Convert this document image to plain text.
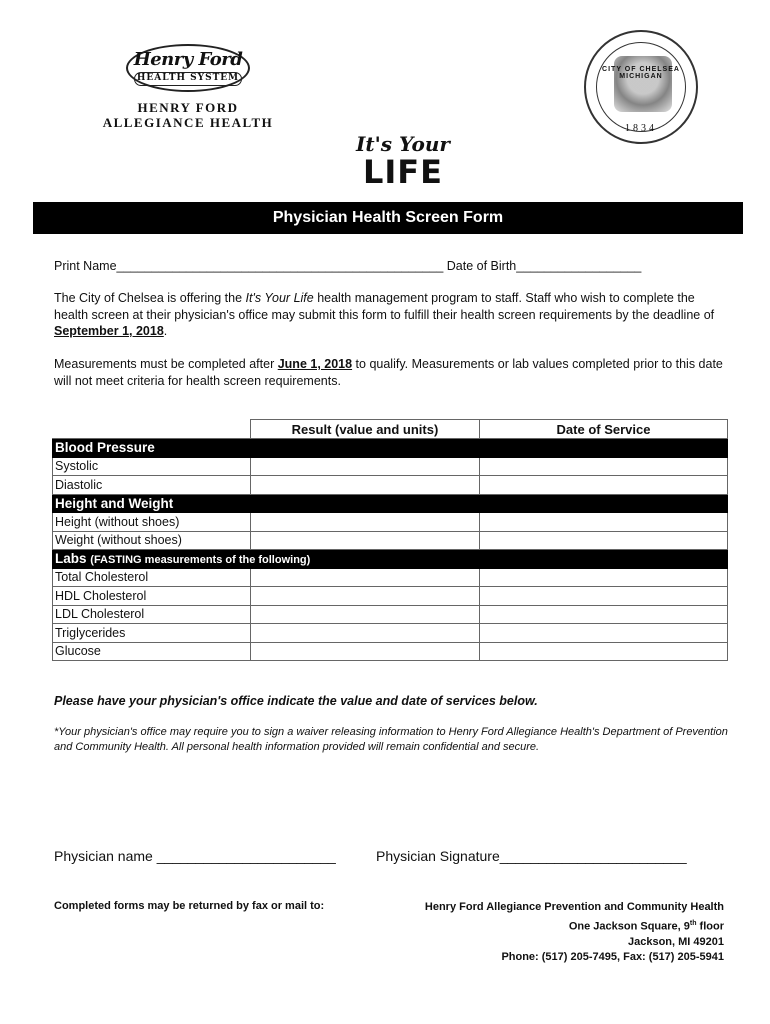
Henry Ford
HEALTH SYSTEM
HENRY FORD
ALLEGIANCE HEALTH
CITY OF CHELSEA MICHIGAN
1834
It's Your
LIFE
Physician Health Screen Form
Print Name_______________________________________________ Date of Birth__________________
The City of Chelsea is offering the It's Your Life health management program to staff. Staff who wish to complete the health screen at their physician's office may submit this form to fulfill their health screen requirements by the deadline of September 1, 2018.
Measurements must be completed after June 1, 2018 to qualify. Measurements or lab values completed prior to this date will not meet criteria for health screen requirements.
	Result (value and units)	Date of Service
Blood Pressure		
Systolic		
Diastolic		
Height and Weight		
Height (without shoes)		
Weight (without shoes)		
Labs (FASTING measurements of the following)		
Total Cholesterol		
HDL Cholesterol		
LDL Cholesterol		
Triglycerides		
Glucose		
Please have your physician's office indicate the value and date of services below.
*Your physician's office may require you to sign a waiver releasing information to Henry Ford Allegiance Health's Department of Prevention and Community Health. All personal health information provided will remain confidential and secure.
Physician name _______________________	Physician Signature________________________
Completed forms may be returned by fax or mail to:	Henry Ford Allegiance Prevention and Community Health
One Jackson Square, 9th floor
Jackson, MI 49201
Phone: (517) 205-7495, Fax: (517) 205-5941
